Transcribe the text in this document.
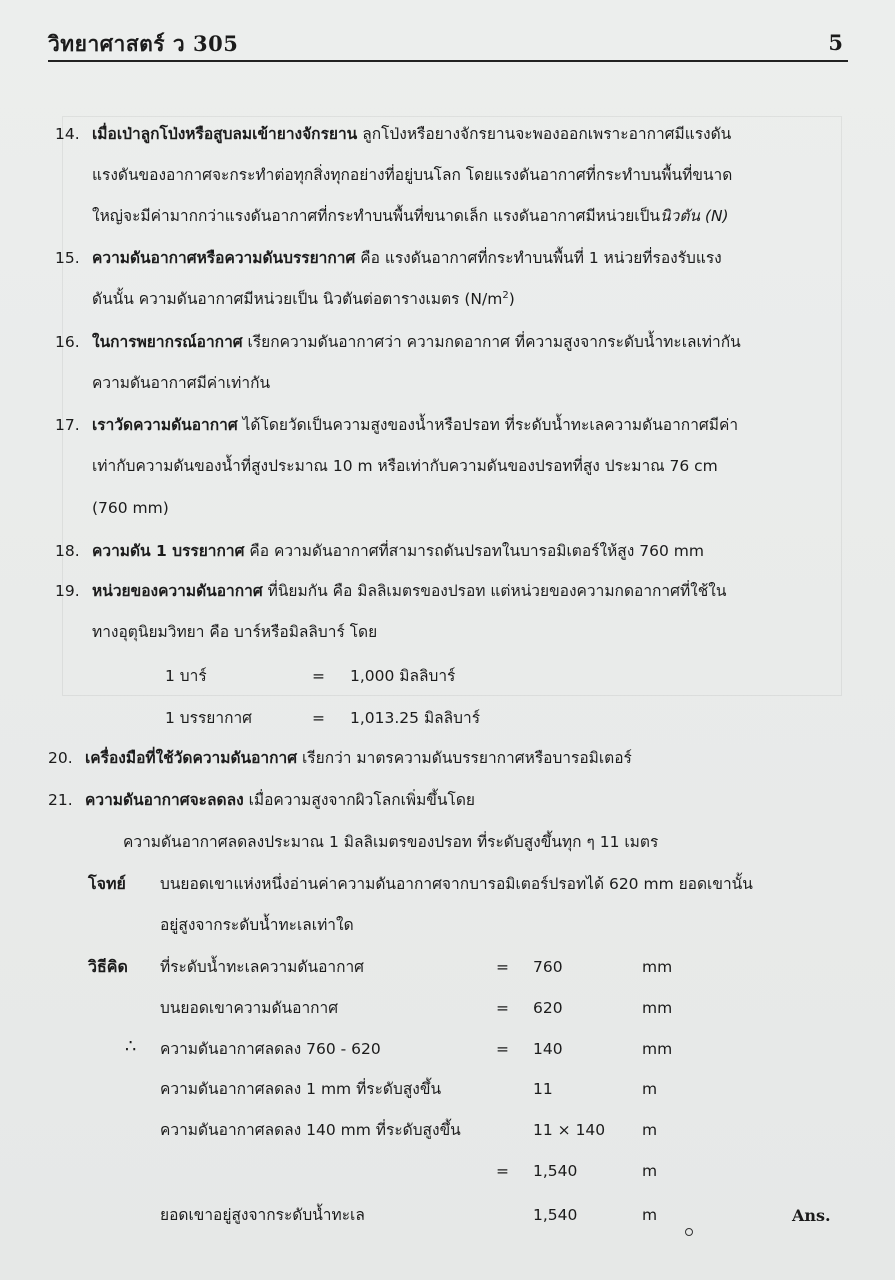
วิทยาศาสตร์ ว 305	5
14. เมื่อเป่าลูกโป่งหรือสูบลมเข้ายางจักรยาน ลูกโป่งหรือยางจักรยานจะพองออกเพราะอากาศมีแรงดัน
แรงดันของอากาศจะกระทำต่อทุกสิ่งทุกอย่างที่อยู่บนโลก โดยแรงดันอากาศที่กระทำบนพื้นที่ขนาด
ใหญ่จะมีค่ามากกว่าแรงดันอากาศที่กระทำบนพื้นที่ขนาดเล็ก แรงดันอากาศมีหน่วยเป็นนิวตัน (N)
15. ความดันอากาศหรือความดันบรรยากาศ คือ แรงดันอากาศที่กระทำบนพื้นที่ 1 หน่วยที่รองรับแรง
ดันนั้น ความดันอากาศมีหน่วยเป็น นิวตันต่อตารางเมตร $(N/m^2)$
16. ในการพยากรณ์อากาศ เรียกความดันอากาศว่า ความกดอากาศ ที่ความสูงจากระดับน้ำทะเลเท่ากัน
ความดันอากาศมีค่าเท่ากัน
17. เราวัดความดันอากาศ ได้โดยวัดเป็นความสูงของน้ำหรือปรอท ที่ระดับน้ำทะเลความดันอากาศมีค่า
เท่ากับความดันของน้ำที่สูงประมาณ 10 m หรือเท่ากับความดันของปรอทที่สูง ประมาณ 76 cm
(760 mm)
18. ความดัน 1 บรรยากาศ คือ ความดันอากาศที่สามารถดันปรอทในบารอมิเตอร์ให้สูง 760 mm
19. หน่วยของความดันอากาศ ที่นิยมกัน คือ มิลลิเมตรของปรอท แต่หน่วยของความกดอากาศที่ใช้ใน
ทางอุตุนิยมวิทยา คือ บาร์หรือมิลลิบาร์ โดย
1 บาร์	= 1,000 มิลลิบาร์
1 บรรยากาศ	= 1,013.25 มิลลิบาร์
20. เครื่องมือที่ใช้วัดความดันอากาศ เรียกว่า มาตรความดันบรรยากาศหรือบารอมิเตอร์
21. ความดันอากาศจะลดลง เมื่อความสูงจากผิวโลกเพิ่มขึ้นโดย
ความดันอากาศลดลงประมาณ 1 มิลลิเมตรของปรอท ที่ระดับสูงขึ้นทุก ๆ 11 เมตร
โจทย์ บนยอดเขาแห่งหนึ่งอ่านค่าความดันอากาศจากบารอมิเตอร์ปรอทได้ 620 mm ยอดเขานั้น
อยู่สูงจากระดับน้ำทะเลเท่าใด
วิธีคิด
∴
ที่ระดับน้ำทะเลความดันอากาศ	= 760	mm
บนยอดเขาความดันอากาศ	= 620	mm
ความดันอากาศลดลง 760 - 620	= 140	mm
ความดันอากาศลดลง 1 mm ที่ระดับสูงขึ้น	11	m
ความดันอากาศลดลง 140 mm ที่ระดับสูงขึ้น	11 × 140 m
= 1,540	m
ยอดเขาอยู่สูงจากระดับน้ำทะเล	1,540	m	Ans.
